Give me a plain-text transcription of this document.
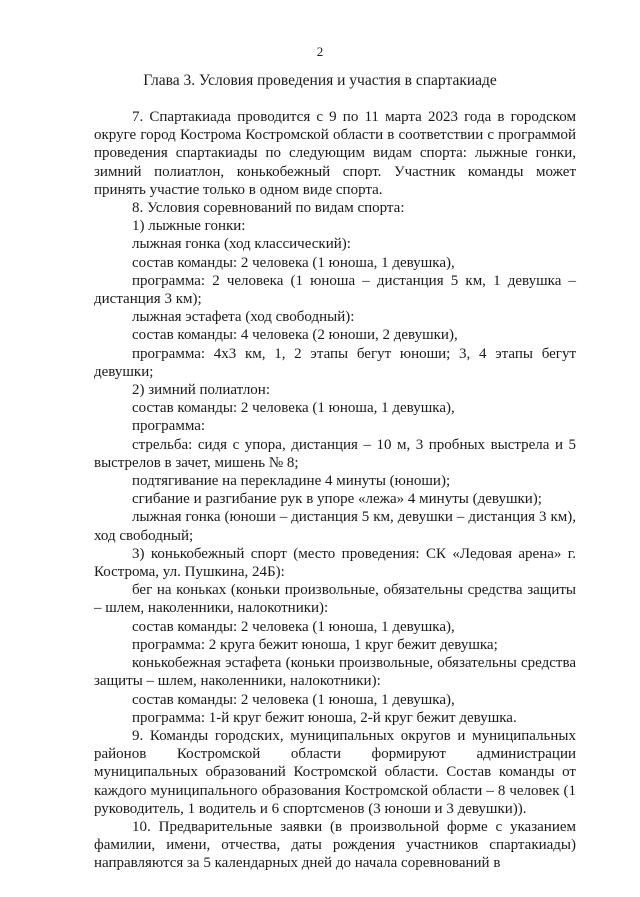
2
Глава 3. Условия проведения и участия в спартакиаде

7. Спартакиада проводится с 9 по 11 марта 2023 года в городском округе город Кострома Костромской области в соответствии с программой проведения спартакиады по следующим видам спорта: лыжные гонки, зимний полиатлон, конькобежный спорт. Участник команды может принять участие только в одном виде спорта.

8. Условия соревнований по видам спорта:

1) лыжные гонки:

лыжная гонка (ход классический):

состав команды: 2 человека (1 юноша, 1 девушка),

программа: 2 человека (1 юноша – дистанция 5 км, 1 девушка – дистанция 3 км);

лыжная эстафета (ход свободный):

состав команды: 4 человека (2 юноши, 2 девушки),

программа: 4х3 км, 1, 2 этапы бегут юноши; 3, 4 этапы бегут девушки;

2) зимний полиатлон:

состав команды: 2 человека (1 юноша, 1 девушка),

программа:

стрельба: сидя с упора, дистанция – 10 м, 3 пробных выстрела и 5 выстрелов в зачет, мишень № 8;

подтягивание на перекладине 4 минуты (юноши);

сгибание и разгибание рук в упоре «лежа» 4 минуты (девушки);

лыжная гонка (юноши – дистанция 5 км, девушки – дистанция 3 км), ход свободный;

3) конькобежный спорт (место проведения: СК «Ледовая арена» г. Кострома, ул. Пушкина, 24Б):

бег на коньках (коньки произвольные, обязательны средства защиты – шлем, наколенники, налокотники):

состав команды: 2 человека (1 юноша, 1 девушка),

программа: 2 круга бежит юноша, 1 круг бежит девушка;

конькобежная эстафета (коньки произвольные, обязательны средства защиты – шлем, наколенники, налокотники):

состав команды: 2 человека (1 юноша, 1 девушка),

программа: 1-й круг бежит юноша, 2-й круг бежит девушка.

9. Команды городских, муниципальных округов и муниципальных районов Костромской области формируют администрации муниципальных образований Костромской области. Состав команды от каждого муниципального образования Костромской области – 8 человек (1 руководитель, 1 водитель и 6 спортсменов (3 юноши и 3 девушки)).

10. Предварительные заявки (в произвольной форме с указанием фамилии, имени, отчества, даты рождения участников спартакиады) направляются за 5 календарных дней до начала соревнований в
